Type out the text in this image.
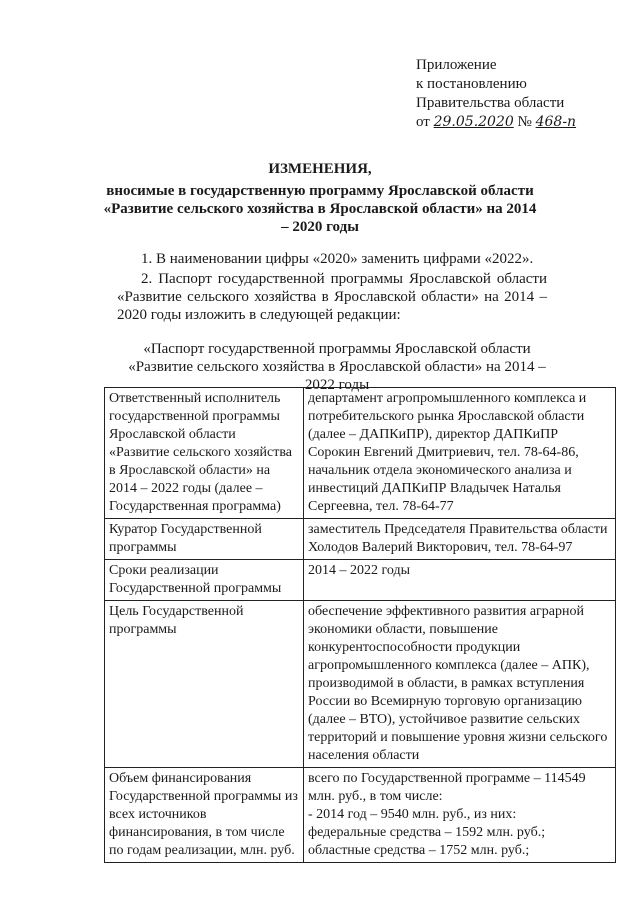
Приложение
к постановлению
Правительства области
от 29.05.2020 № 468-п
ИЗМЕНЕНИЯ,
вносимые в государственную программу Ярославской области
«Развитие сельского хозяйства в Ярославской области» на 2014 – 2020 годы
1. В наименовании цифры «2020» заменить цифрами «2022».
2. Паспорт государственной программы Ярославской области «Развитие сельского хозяйства в Ярославской области» на 2014 – 2020 годы изложить в следующей редакции:
«Паспорт государственной программы Ярославской области «Развитие сельского хозяйства в Ярославской области» на 2014 – 2022 годы
Ответственный исполнитель государственной программы Ярославской области «Развитие сельского хозяйства в Ярославской области» на 2014 – 2022 годы (далее – Государственная программа)	департамент агропромышленного комплекса и потребительского рынка Ярославской области (далее – ДАПКиПР), директор ДАПКиПР Сорокин Евгений Дмитриевич, тел. 78-64-86, начальник отдела экономического анализа и инвестиций ДАПКиПР Владычек Наталья Сергеевна, тел. 78-64-77
Куратор Государственной программы	заместитель Председателя Правительства области Холодов Валерий Викторович, тел. 78-64-97
Сроки реализации Государственной программы	2014 – 2022 годы
Цель Государственной программы	обеспечение эффективного развития аграрной экономики области, повышение конкурентоспособности продукции агропромышленного комплекса (далее – АПК), производимой в области, в рамках вступления России во Всемирную торговую организацию (далее – ВТО), устойчивое развитие сельских территорий и повышение уровня жизни сельского населения области
Объем финансирования Государственной программы из всех источников финансирования, в том числе по годам реализации, млн. руб.	всего по Государственной программе – 114549 млн. руб., в том числе:
- 2014 год – 9540 млн. руб., из них:
федеральные средства – 1592 млн. руб.;
областные средства – 1752 млн. руб.;
